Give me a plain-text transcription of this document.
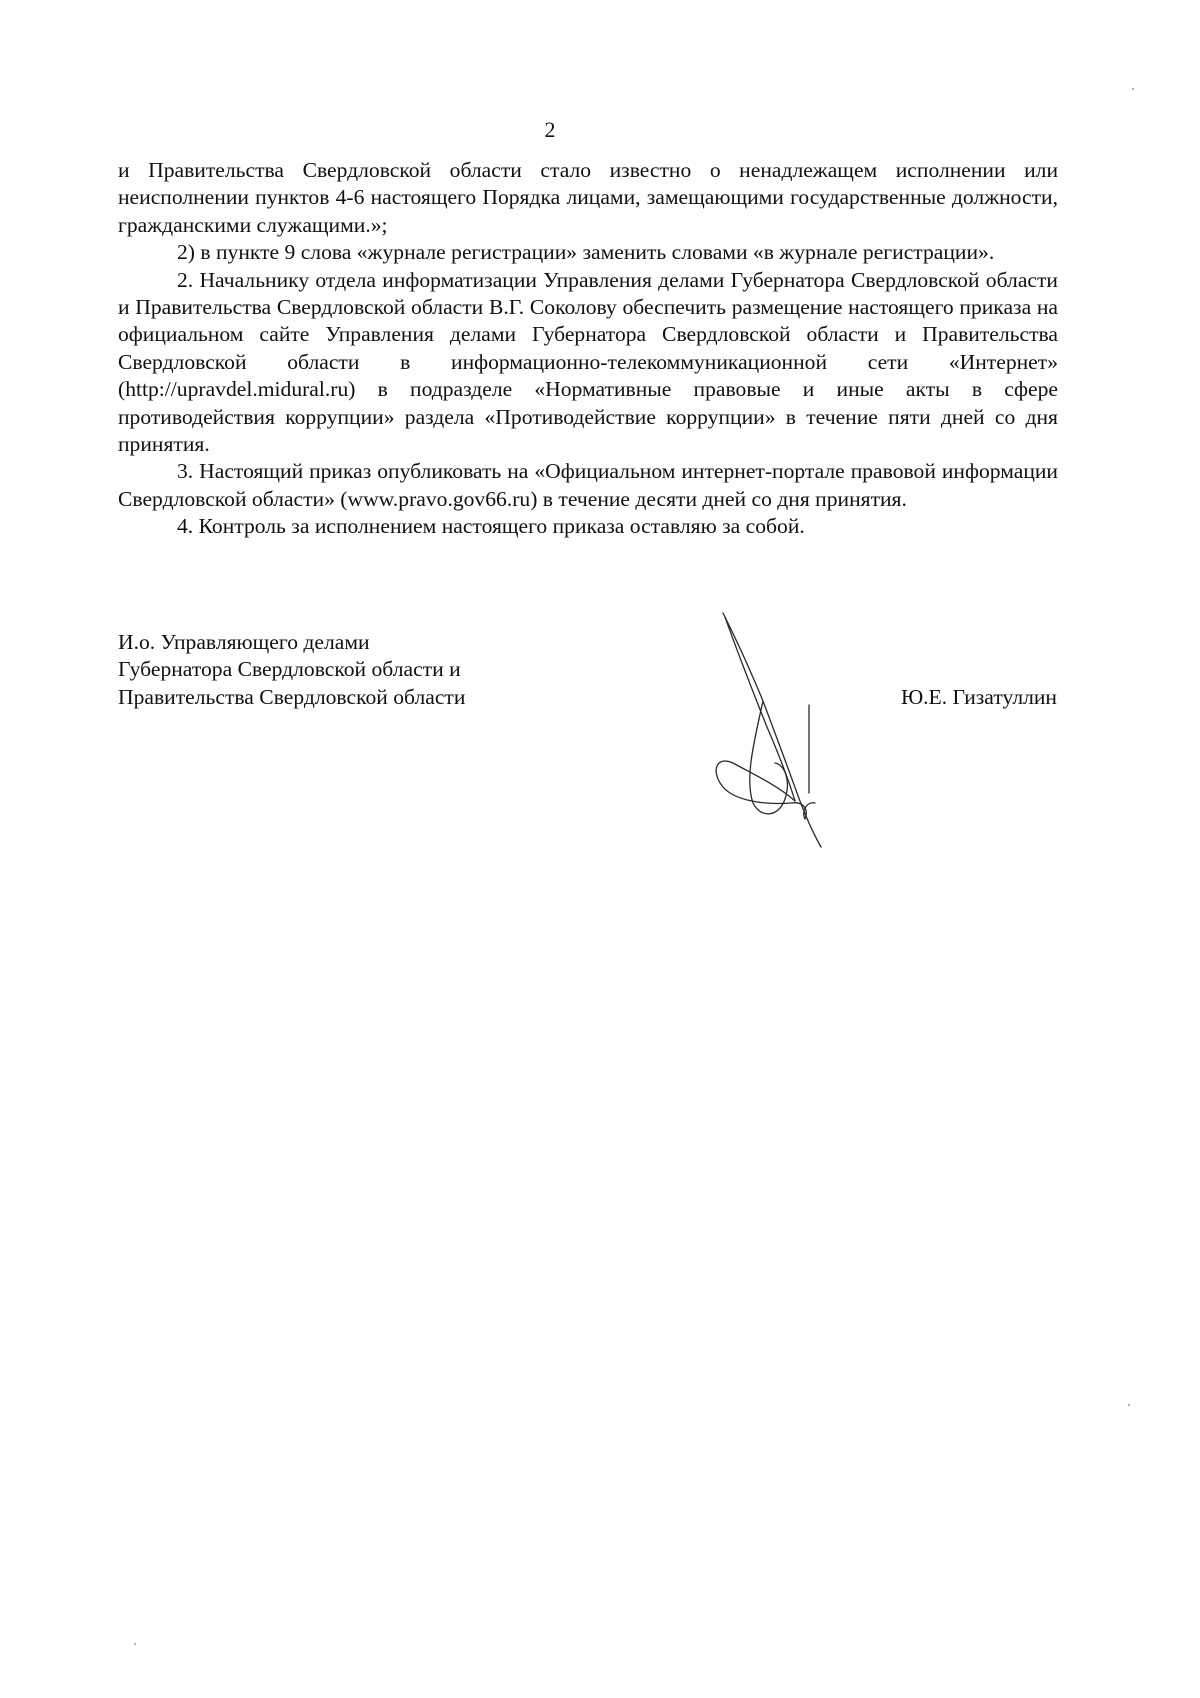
2

и Правительства Свердловской области стало известно о ненадлежащем исполнении или неисполнении пунктов 4-6 настоящего Порядка лицами, замещающими государственные должности, гражданскими служащими.»;

2) в пункте 9 слова «журнале регистрации» заменить словами «в журнале регистрации».

2. Начальнику отдела информатизации Управления делами Губернатора Свердловской области и Правительства Свердловской области В.Г. Соколову обеспечить размещение настоящего приказа на официальном сайте Управления делами Губернатора Свердловской области и Правительства Свердловской области в информационно-телекоммуникационной сети «Интернет» (http://upravdel.midural.ru) в подразделе «Нормативные правовые и иные акты в сфере противодействия коррупции» раздела «Противодействие коррупции» в течение пяти дней со дня принятия.

3. Настоящий приказ опубликовать на «Официальном интернет-портале правовой информации Свердловской области» (www.pravo.gov66.ru) в течение десяти дней со дня принятия.

4. Контроль за исполнением настоящего приказа оставляю за собой.

И.о. Управляющего делами
Губернатора Свердловской области и
Правительства Свердловской области	Ю.Е. Гизатуллин
